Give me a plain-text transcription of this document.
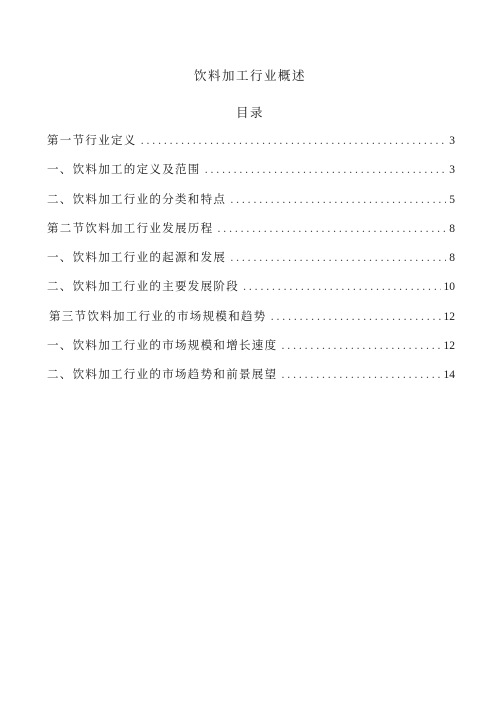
饮料加工行业概述
目录
第一节行业定义 .....	3
一、饮料加工的定义及范围 .....	3
二、饮料加工行业的分类和特点 .....	5
第二节饮料加工行业发展历程 .....	8
一、饮料加工行业的起源和发展 .....	8
二、饮料加工行业的主要发展阶段 .....	10
第三节饮料加工行业的市场规模和趋势 .....	12
一、饮料加工行业的市场规模和增长速度 .....	12
二、饮料加工行业的市场趋势和前景展望 .....	14
